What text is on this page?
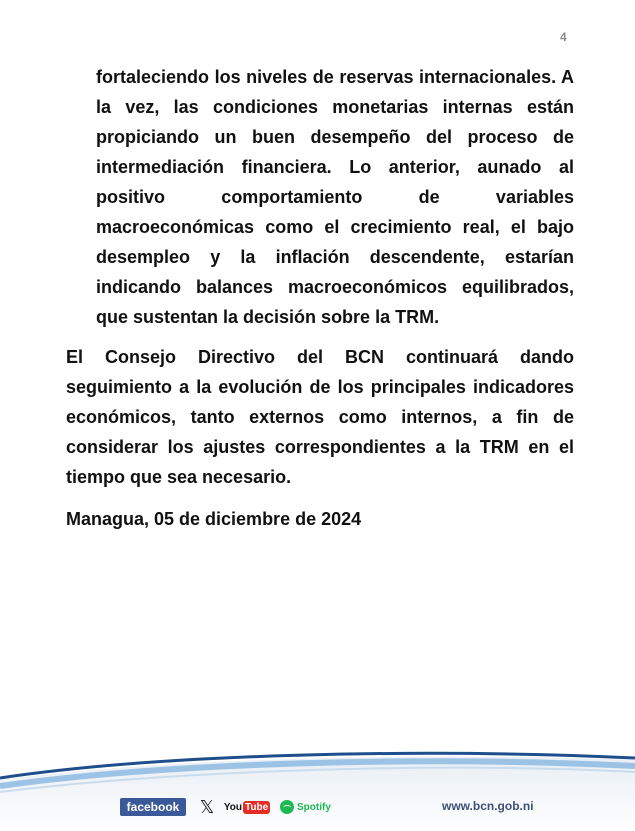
4

fortaleciendo los niveles de reservas internacionales. A la vez, las condiciones monetarias internas están propiciando un buen desempeño del proceso de intermediación financiera. Lo anterior, aunado al positivo comportamiento de variables macroeconómicas como el crecimiento real, el bajo desempleo y la inflación descendente, estarían indicando balances macroeconómicos equilibrados, que sustentan la decisión sobre la TRM.

El Consejo Directivo del BCN continuará dando seguimiento a la evolución de los principales indicadores económicos, tanto externos como internos, a fin de considerar los ajustes correspondientes a la TRM en el tiempo que sea necesario.

Managua, 05 de diciembre de 2024

facebook	𝕏 You Tube	Spotify	www.bcn.gob.ni
